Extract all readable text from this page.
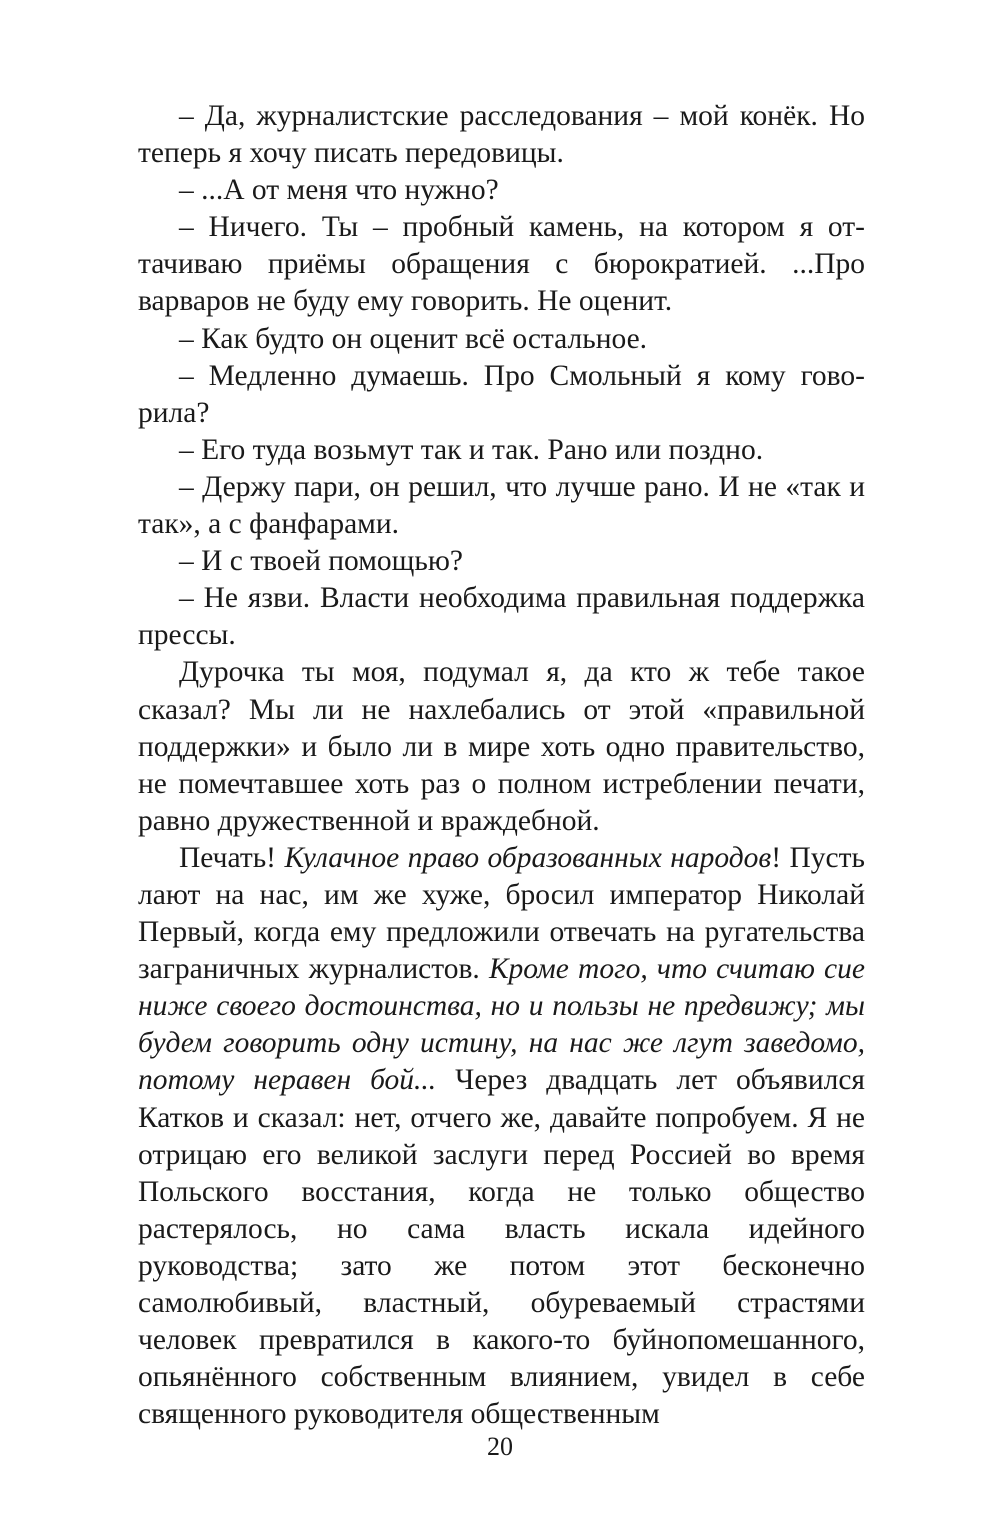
– Да, журналистские расследования – мой конёк. Но теперь я хочу писать передовицы.

– ...А от меня что нужно?

– Ничего. Ты – пробный камень, на котором я оттачиваю приёмы обращения с бюрократией. ...Про варваров не буду ему говорить. Не оценит.

– Как будто он оценит всё остальное.

– Медленно думаешь. Про Смольный я кому говорила?

– Его туда возьмут так и так. Рано или поздно.

– Держу пари, он решил, что лучше рано. И не «так и так», а с фанфарами.

– И с твоей помощью?

– Не язви. Власти необходима правильная поддержка прессы.

Дурочка ты моя, подумал я, да кто ж тебе такое сказал? Мы ли не нахлебались от этой «правильной поддержки» и было ли в мире хоть одно правительство, не помечтавшее хоть раз о полном истреблении печати, равно дружественной и враждебной.

Печать! Кулачное право образованных народов! Пусть лают на нас, им же хуже, бросил император Николай Первый, когда ему предложили отвечать на ругательства заграничных журналистов. Кроме того, что считаю сие ниже своего достоинства, но и пользы не предвижу; мы будем говорить одну истину, на нас же лгут заведомо, потому неравен бой... Через двадцать лет объявился Катков и сказал: нет, отчего же, давайте попробуем. Я не отрицаю его великой заслуги перед Россией во время Польского восстания, когда не только общество растерялось, но сама власть искала идейного руководства; зато же потом этот бесконечно самолюбивый, властный, обуреваемый страстями человек превратился в какого-то буйнопомешанного, опьянённого собственным влиянием, увидел в себе священного руководителя общественным

20
